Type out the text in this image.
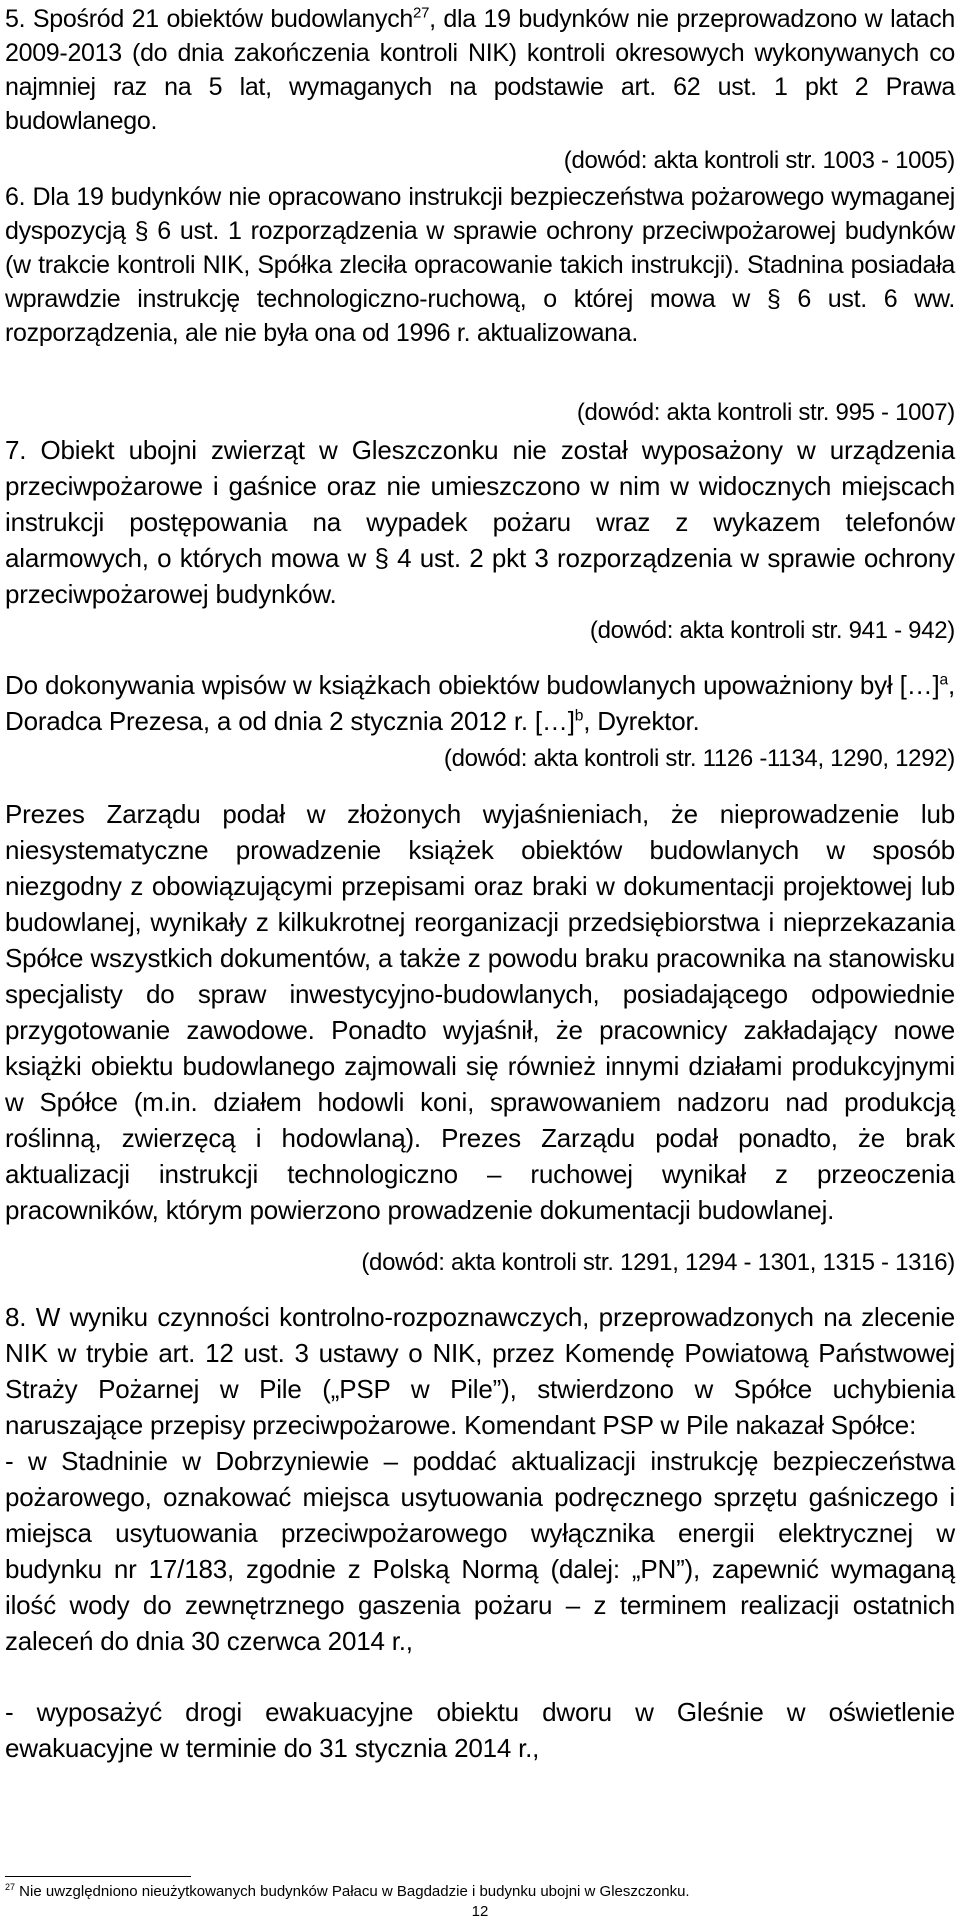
5. Spośród 21 obiektów budowlanych$^{27}$, dla 19 budynków nie przeprowadzono w latach 2009-2013 (do dnia zakończenia kontroli NIK) kontroli okresowych wykonywanych co najmniej raz na 5 lat, wymaganych na podstawie art. 62 ust. 1 pkt 2 Prawa budowlanego.

(dowód: akta kontroli str. 1003 - 1005)

6. Dla 19 budynków nie opracowano instrukcji bezpieczeństwa pożarowego wymaganej dyspozycją § 6 ust. 1 rozporządzenia w sprawie ochrony przeciwpożarowej budynków (w trakcie kontroli NIK, Spółka zleciła opracowanie takich instrukcji). Stadnina posiadała wprawdzie instrukcję technologiczno-ruchową, o której mowa w § 6 ust. 6 ww. rozporządzenia, ale nie była ona od 1996 r. aktualizowana.

(dowód: akta kontroli str. 995 - 1007)

7. Obiekt ubojni zwierząt w Gleszczonku nie został wyposażony w urządzenia przeciwpożarowe i gaśnice oraz nie umieszczono w nim w widocznych miejscach instrukcji postępowania na wypadek pożaru wraz z wykazem telefonów alarmowych, o których mowa w § 4 ust. 2 pkt 3 rozporządzenia w sprawie ochrony przeciwpożarowej budynków.

(dowód: akta kontroli str. 941 - 942)

Do dokonywania wpisów w książkach obiektów budowlanych upoważniony był […]$^a$, Doradca Prezesa, a od dnia 2 stycznia 2012 r. […]$^b$, Dyrektor.

(dowód: akta kontroli str. 1126 -1134, 1290, 1292)

Prezes Zarządu podał w złożonych wyjaśnieniach, że nieprowadzenie lub niesystematyczne prowadzenie książek obiektów budowlanych w sposób niezgodny z obowiązującymi przepisami oraz braki w dokumentacji projektowej lub budowlanej, wynikały z kilkukrotnej reorganizacji przedsiębiorstwa i nieprzekazania Spółce wszystkich dokumentów, a także z powodu braku pracownika na stanowisku specjalisty do spraw inwestycyjno-budowlanych, posiadającego odpowiednie przygotowanie zawodowe. Ponadto wyjaśnił, że pracownicy zakładający nowe książki obiektu budowlanego zajmowali się również innymi działami produkcyjnymi w Spółce (m.in. działem hodowli koni, sprawowaniem nadzoru nad produkcją roślinną, zwierzęcą i hodowlaną). Prezes Zarządu podał ponadto, że brak aktualizacji instrukcji technologiczno – ruchowej wynikał z przeoczenia pracowników, którym powierzono prowadzenie dokumentacji budowlanej.

(dowód: akta kontroli str. 1291, 1294 - 1301, 1315 - 1316)

8. W wyniku czynności kontrolno-rozpoznawczych, przeprowadzonych na zlecenie NIK w trybie art. 12 ust. 3 ustawy o NIK, przez Komendę Powiatową Państwowej Straży Pożarnej w Pile („PSP w Pile”), stwierdzono w Spółce uchybienia naruszające przepisy przeciwpożarowe. Komendant PSP w Pile nakazał Spółce:

- w Stadninie w Dobrzyniewie – poddać aktualizacji instrukcję bezpieczeństwa pożarowego, oznakować miejsca usytuowania podręcznego sprzętu gaśniczego i miejsca usytuowania przeciwpożarowego wyłącznika energii elektrycznej w budynku nr 17/183, zgodnie z Polską Normą (dalej: „PN”), zapewnić wymaganą ilość wody do zewnętrznego gaszenia pożaru – z terminem realizacji ostatnich zaleceń do dnia 30 czerwca 2014 r.,

- wyposażyć drogi ewakuacyjne obiektu dworu w Gleśnie w oświetlenie ewakuacyjne w terminie do 31 stycznia 2014 r.,

$^{27}$ Nie uwzględniono nieużytkowanych budynków Pałacu w Bagdadzie i budynku ubojni w Gleszczonku.

12
